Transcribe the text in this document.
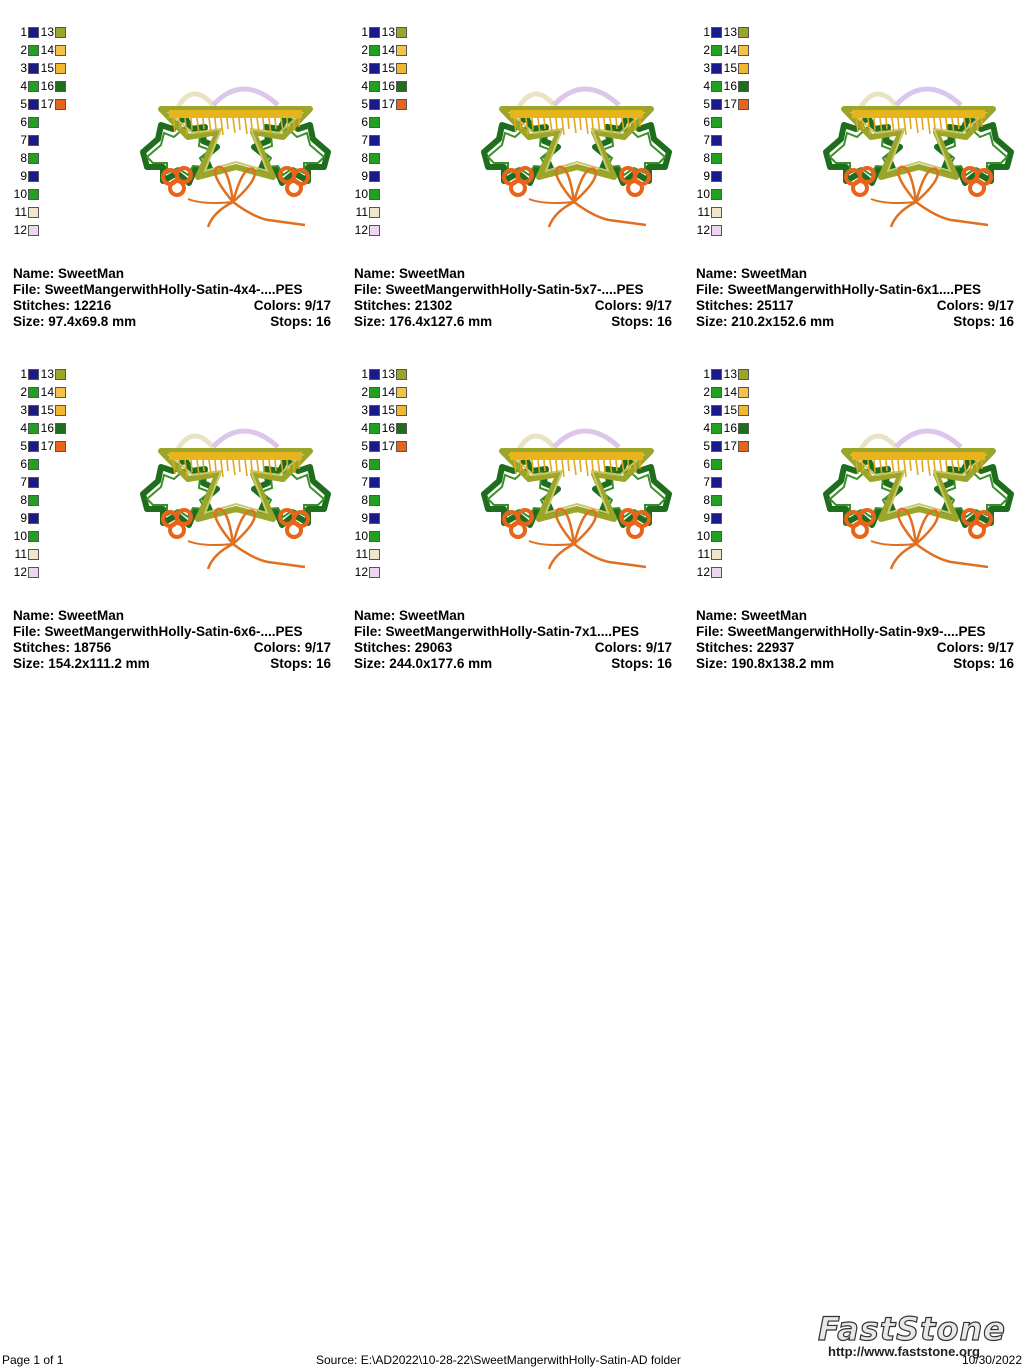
1 13
2 14
3 15
4 16
5 17
6
7
8
9
10
11
12
Name: SweetMan
File: SweetMangerwithHolly-Satin-4x4-....PES
Stitches: 12216	Colors: 9/17
Size: 97.4x69.8 mm	Stops: 16
1 13
2 14
3 15
4 16
5 17
6
7
8
9
10
11
12
Name: SweetMan
File: SweetMangerwithHolly-Satin-5x7-....PES
Stitches: 21302	Colors: 9/17
Size: 176.4x127.6 mm	Stops: 16
1 13
2 14
3 15
4 16
5 17
6
7
8
9
10
11
12
Name: SweetMan
File: SweetMangerwithHolly-Satin-6x1....PES
Stitches: 25117	Colors: 9/17
Size: 210.2x152.6 mm	Stops: 16
1 13
2 14
3 15
4 16
5 17
6
7
8
9
10
11
12
Name: SweetMan
File: SweetMangerwithHolly-Satin-6x6-....PES
Stitches: 18756	Colors: 9/17
Size: 154.2x111.2 mm	Stops: 16
1 13
2 14
3 15
4 16
5 17
6
7
8
9
10
11
12
Name: SweetMan
File: SweetMangerwithHolly-Satin-7x1....PES
Stitches: 29063	Colors: 9/17
Size: 244.0x177.6 mm	Stops: 16
1 13
2 14
3 15
4 16
5 17
6
7
8
9
10
11
12
Name: SweetMan
File: SweetMangerwithHolly-Satin-9x9-....PES
Stitches: 22937	Colors: 9/17
Size: 190.8x138.2 mm	Stops: 16
FastStone
http://www.faststone.org
Page 1 of 1	Source: E:\AD2022\10-28-22\SweetMangerwithHolly-Satin-AD folder	10/30/2022
